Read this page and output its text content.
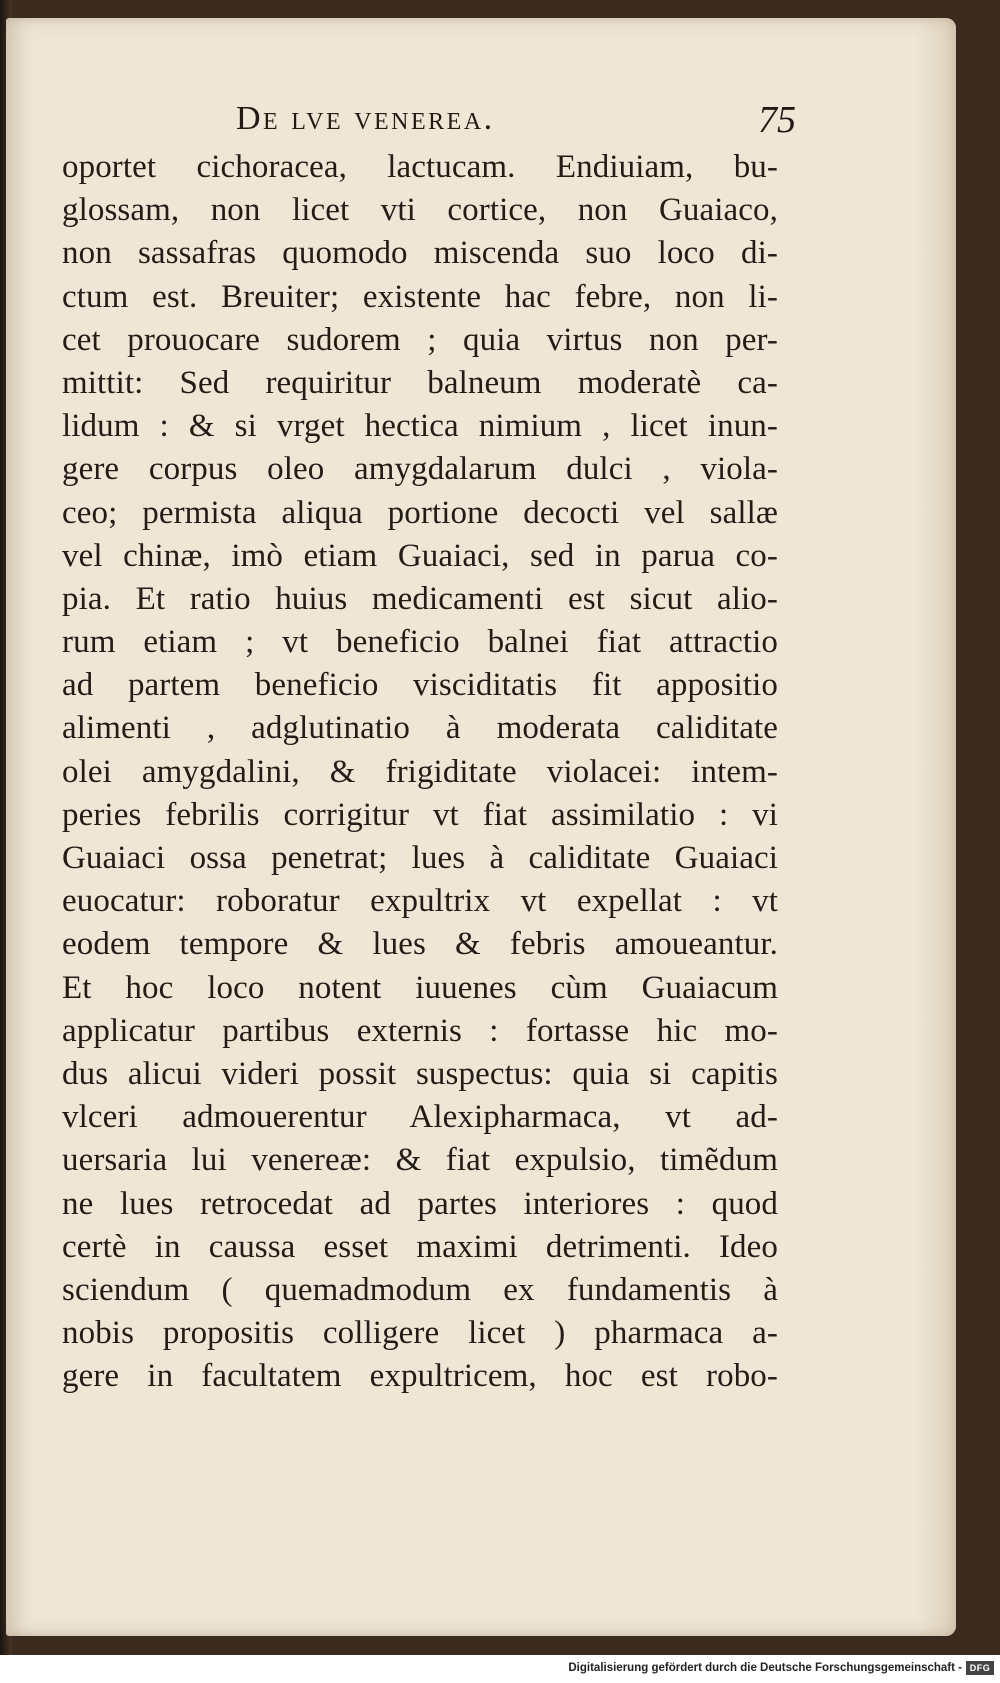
De lve venerea.	75
oportet cichoracea, lactucam. Endiuiam, bu-
glossam, non licet vti cortice, non Guaiaco,
non sassafras quomodo miscenda suo loco di-
ctum est. Breuiter; existente hac febre, non li-
cet prouocare sudorem ; quia virtus non per-
mittit: Sed requiritur balneum moderatè ca-
lidum : & si vrget hectica nimium , licet inun-
gere corpus oleo amygdalarum dulci , viola-
ceo; permista aliqua portione decocti vel sallæ
vel chinæ, imò etiam Guaiaci, sed in parua co-
pia. Et ratio huius medicamenti est sicut alio-
rum etiam ; vt beneficio balnei fiat attractio
ad partem beneficio visciditatis fit appositio
alimenti , adglutinatio à moderata caliditate
olei amygdalini, & frigiditate violacei: intem-
peries febrilis corrigitur vt fiat assimilatio : vi
Guaiaci ossa penetrat; lues à caliditate Guaiaci
euocatur: roboratur expultrix vt expellat : vt
eodem tempore & lues & febris amoueantur.
Et hoc loco notent iuuenes cùm Guaiacum
applicatur partibus externis : fortasse hic mo-
dus alicui videri possit suspectus: quia si capitis
vlceri admouerentur Alexipharmaca, vt ad-
uersaria lui venereæ: & fiat expulsio, timẽdum
ne lues retrocedat ad partes interiores : quod
certè in caussa esset maximi detrimenti. Ideo
sciendum ( quemadmodum ex fundamentis à
nobis propositis colligere licet ) pharmaca a-
gere in facultatem expultricem, hoc est robo-
Digitalisierung gefördert durch die Deutsche Forschungsgemeinschaft - DFG
